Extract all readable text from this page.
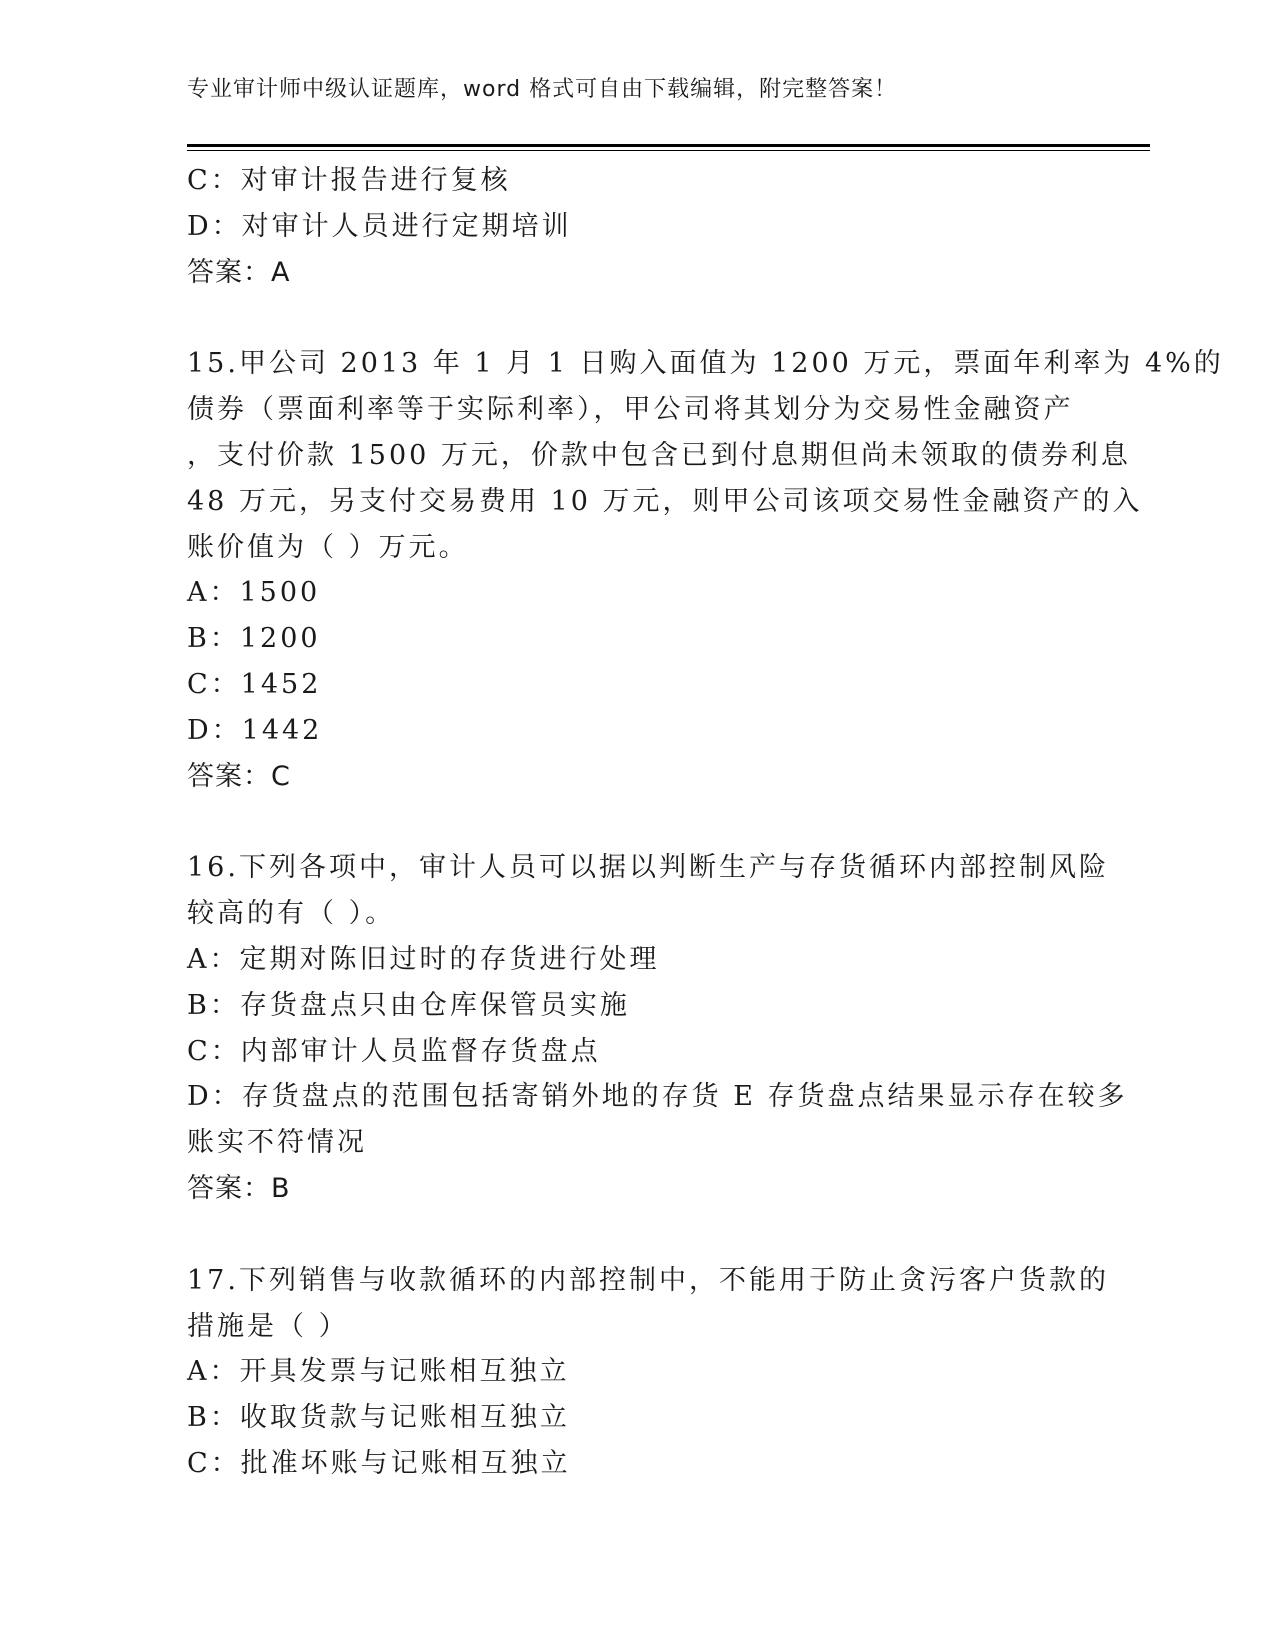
专业审计师中级认证题库，word 格式可自由下载编辑，附完整答案！
C：对审计报告进行复核
D：对审计人员进行定期培训
答案：A
15.甲公司 2013 年 1 月 1 日购入面值为 1200 万元，票面年利率为 4%的
债券（票面利率等于实际利率），甲公司将其划分为交易性金融资产
，支付价款 1500 万元，价款中包含已到付息期但尚未领取的债券利息
48 万元，另支付交易费用 10 万元，则甲公司该项交易性金融资产的入
账价值为（ ）万元。
A：1500
B：1200
C：1452
D：1442
答案：C
16.下列各项中，审计人员可以据以判断生产与存货循环内部控制风险
较高的有（ ）。
A：定期对陈旧过时的存货进行处理
B：存货盘点只由仓库保管员实施
C：内部审计人员监督存货盘点
D：存货盘点的范围包括寄销外地的存货 E 存货盘点结果显示存在较多
账实不符情况
答案：B
17.下列销售与收款循环的内部控制中，不能用于防止贪污客户货款的
措施是（ ）
A：开具发票与记账相互独立
B：收取货款与记账相互独立
C：批准坏账与记账相互独立
